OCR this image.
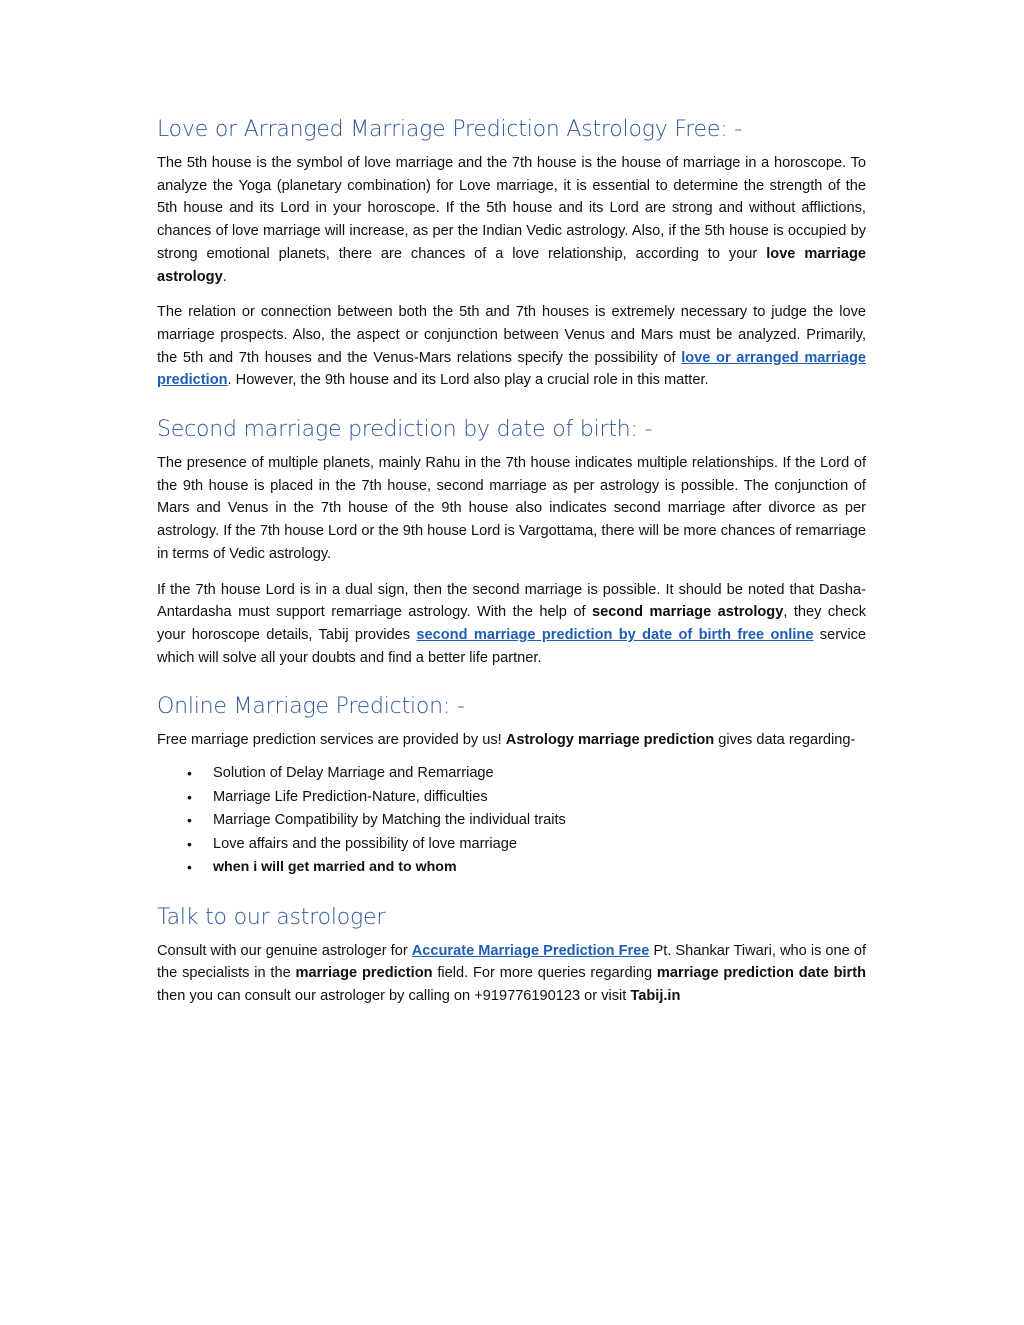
Love or Arranged Marriage Prediction Astrology Free: -

The 5th house is the symbol of love marriage and the 7th house is the house of marriage in a horoscope. To analyze the Yoga (planetary combination) for Love marriage, it is essential to determine the strength of the 5th house and its Lord in your horoscope. If the 5th house and its Lord are strong and without afflictions, chances of love marriage will increase, as per the Indian Vedic astrology. Also, if the 5th house is occupied by strong emotional planets, there are chances of a love relationship, according to your love marriage astrology.

The relation or connection between both the 5th and 7th houses is extremely necessary to judge the love marriage prospects. Also, the aspect or conjunction between Venus and Mars must be analyzed. Primarily, the 5th and 7th houses and the Venus-Mars relations specify the possibility of love or arranged marriage prediction. However, the 9th house and its Lord also play a crucial role in this matter.

Second marriage prediction by date of birth: -

The presence of multiple planets, mainly Rahu in the 7th house indicates multiple relationships. If the Lord of the 9th house is placed in the 7th house, second marriage as per astrology is possible. The conjunction of Mars and Venus in the 7th house of the 9th house also indicates second marriage after divorce as per astrology. If the 7th house Lord or the 9th house Lord is Vargottama, there will be more chances of remarriage in terms of Vedic astrology.

If the 7th house Lord is in a dual sign, then the second marriage is possible. It should be noted that Dasha-Antardasha must support remarriage astrology. With the help of second marriage astrology, they check your horoscope details, Tabij provides second marriage prediction by date of birth free online service which will solve all your doubts and find a better life partner.

Online Marriage Prediction: -

Free marriage prediction services are provided by us! Astrology marriage prediction gives data regarding-

• Solution of Delay Marriage and Remarriage
• Marriage Life Prediction-Nature, difficulties
• Marriage Compatibility by Matching the individual traits
• Love affairs and the possibility of love marriage
• when i will get married and to whom
Talk to our astrologer

Consult with our genuine astrologer for Accurate Marriage Prediction Free Pt. Shankar Tiwari, who is one of the specialists in the marriage prediction field. For more queries regarding marriage prediction date birth then you can consult our astrologer by calling on +919776190123 or visit Tabij.in
